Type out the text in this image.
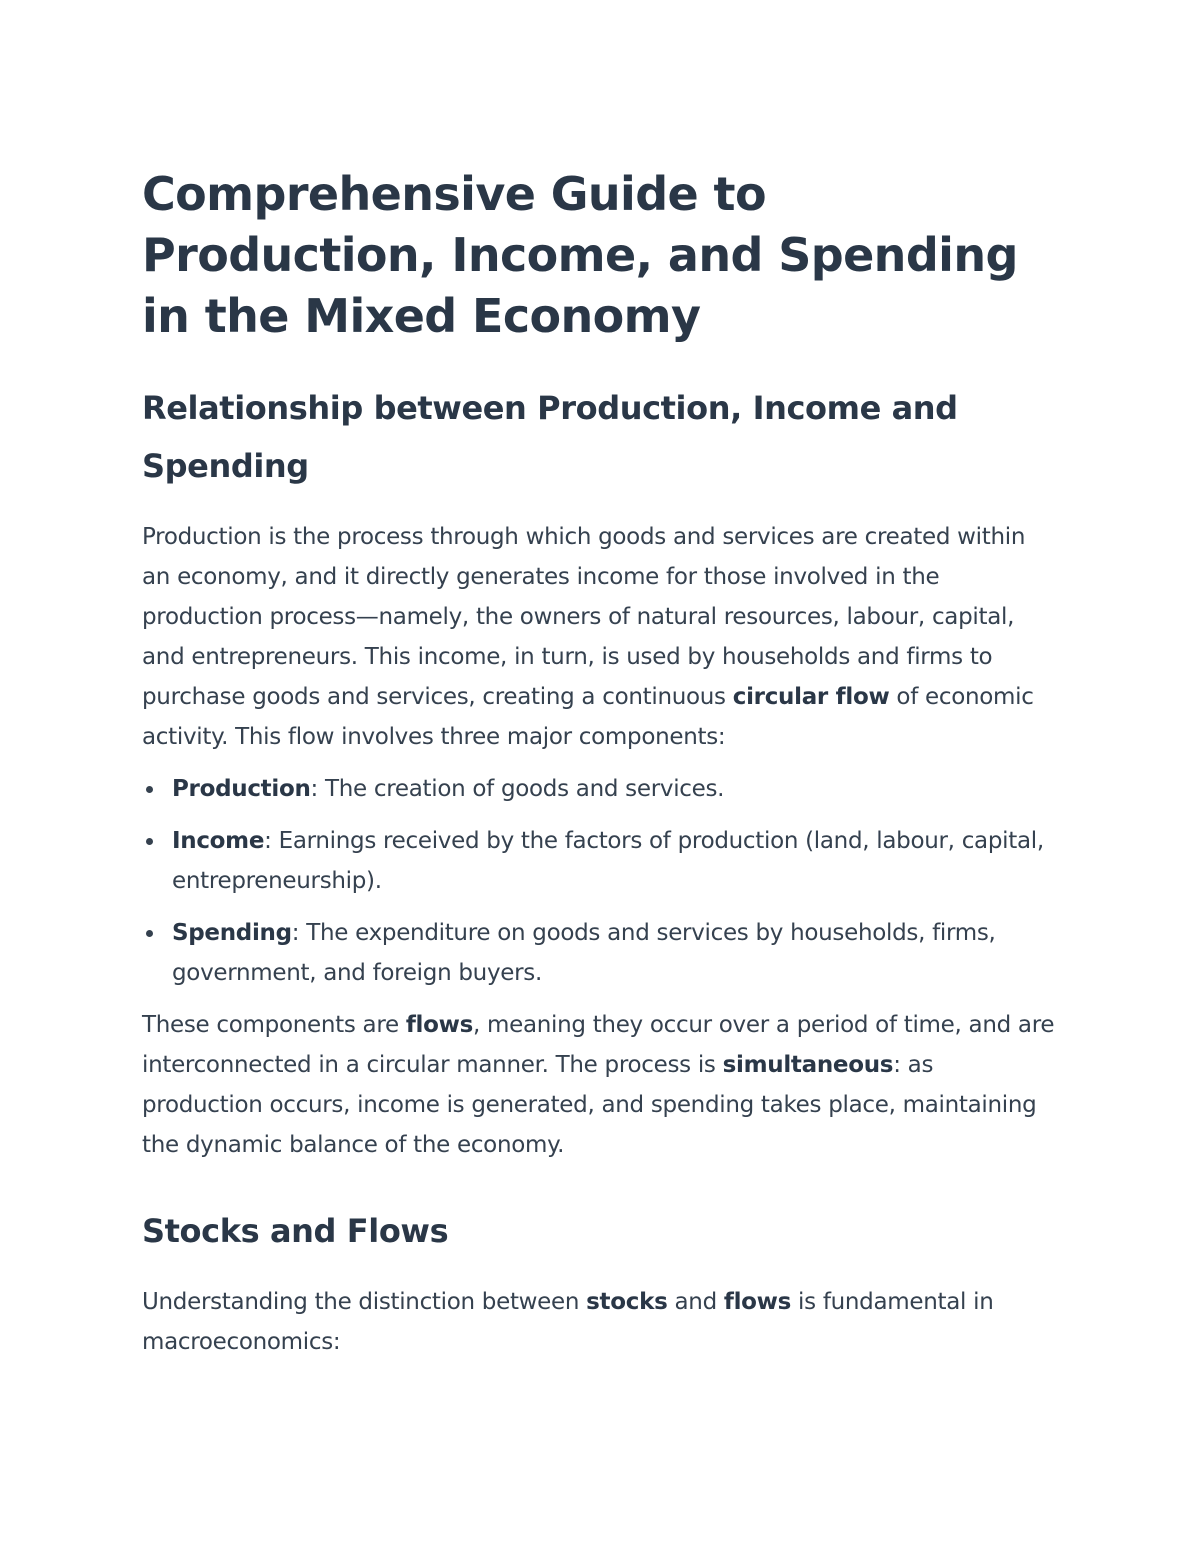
Comprehensive Guide to Production, Income, and Spending in the Mixed Economy
Relationship between Production, Income and Spending

Production is the process through which goods and services are created within an economy, and it directly generates income for those involved in the production process—namely, the owners of natural resources, labour, capital, and entrepreneurs. This income, in turn, is used by households and firms to purchase goods and services, creating a continuous circular flow of economic activity. This flow involves three major components:

Production: The creation of goods and services.
Income: Earnings received by the factors of production (land, labour, capital, entrepreneurship).
Spending: The expenditure on goods and services by households, firms, government, and foreign buyers.

These components are flows, meaning they occur over a period of time, and are interconnected in a circular manner. The process is simultaneous: as production occurs, income is generated, and spending takes place, maintaining the dynamic balance of the economy.

Stocks and Flows

Understanding the distinction between stocks and flows is fundamental in macroeconomics:
